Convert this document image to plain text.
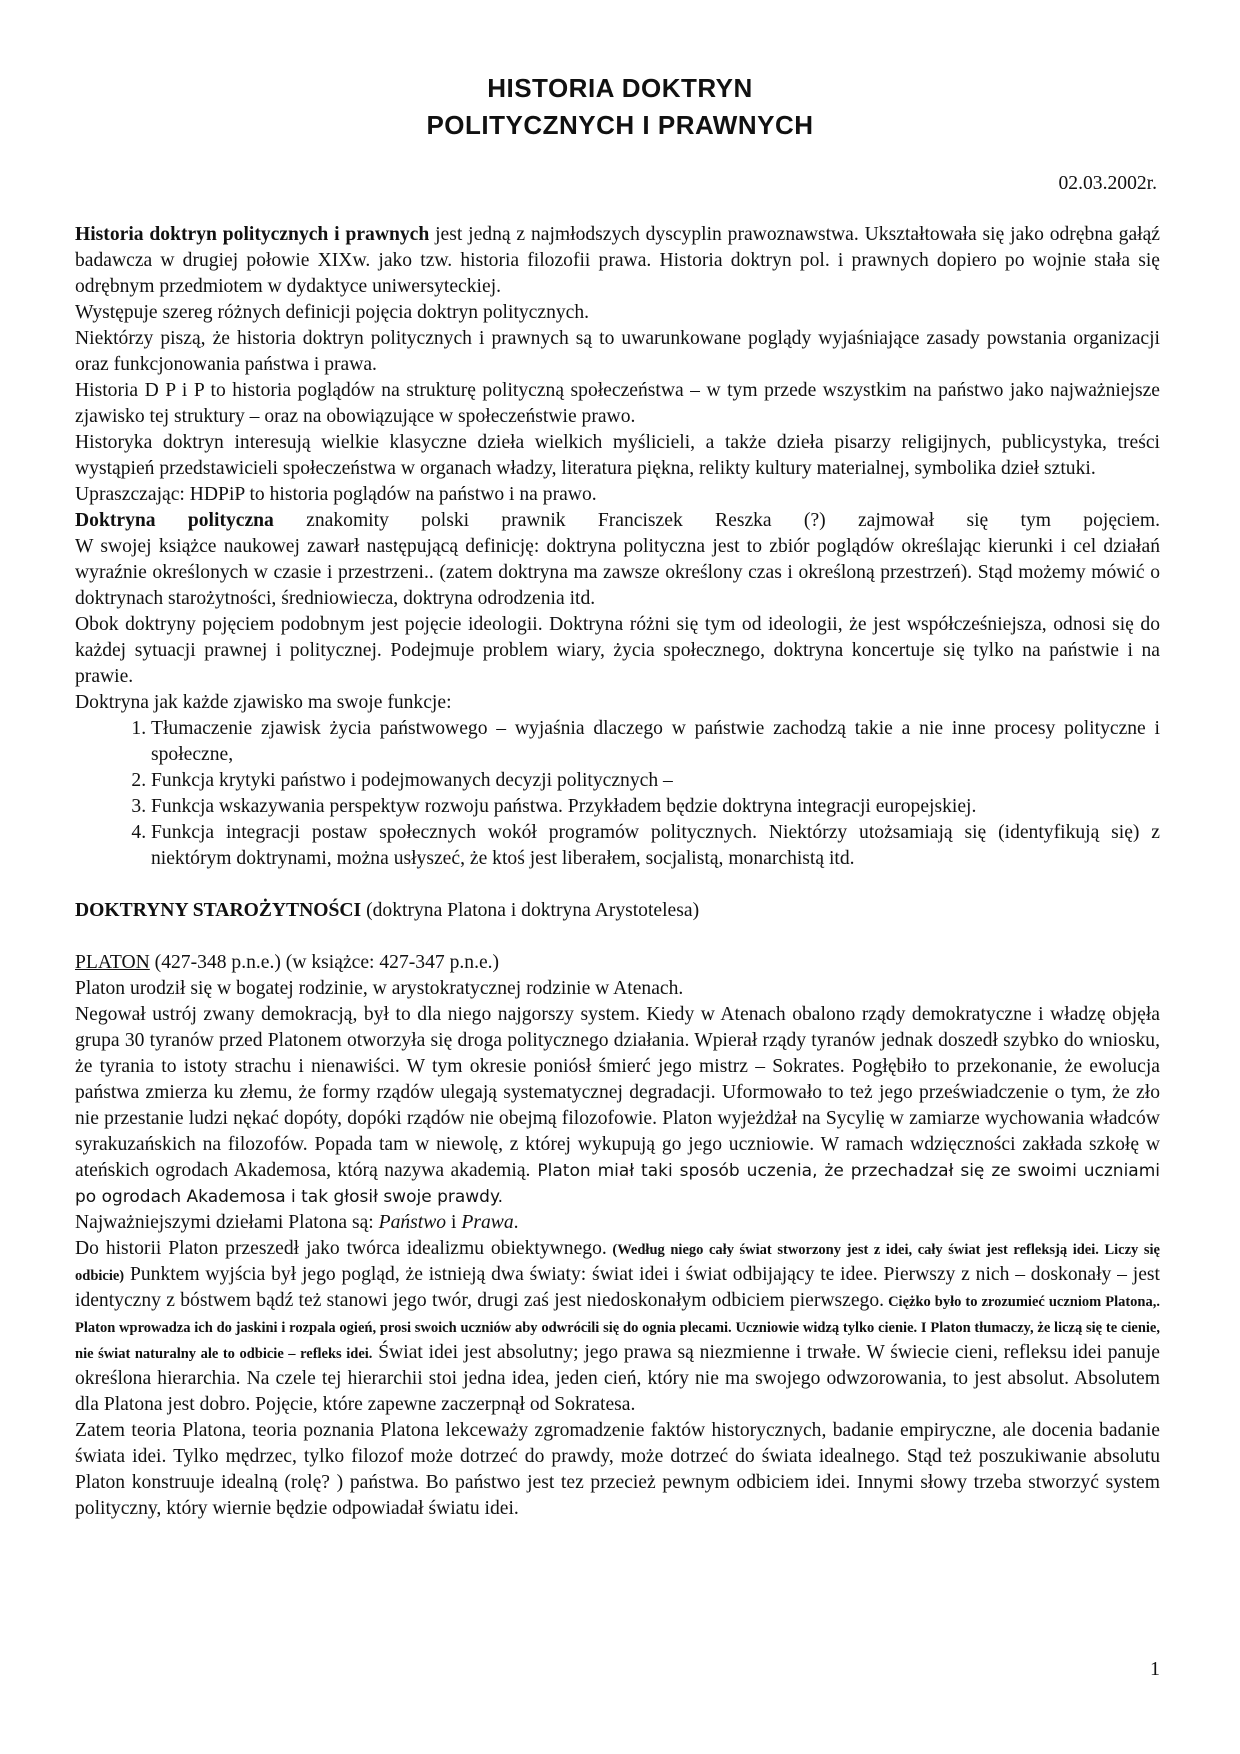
HISTORIA DOKTRYN
POLITYCZNYCH I PRAWNYCH
02.03.2002r.

Historia doktryn politycznych i prawnych jest jedną z najmłodszych dyscyplin prawoznawstwa. Ukształtowała się jako odrębna gałąź badawcza w drugiej połowie XIXw. jako tzw. historia filozofii prawa. Historia doktryn pol. i prawnych dopiero po wojnie stała się odrębnym przedmiotem w dydaktyce uniwersyteckiej.

Występuje szereg różnych definicji pojęcia doktryn politycznych.

Niektórzy piszą, że historia doktryn politycznych i prawnych są to uwarunkowane poglądy wyjaśniające zasady powstania organizacji oraz funkcjonowania państwa i prawa.

Historia D P i P to historia poglądów na strukturę polityczną społeczeństwa – w tym przede wszystkim na państwo jako najważniejsze zjawisko tej struktury – oraz na obowiązujące w społeczeństwie prawo.

Historyka doktryn interesują wielkie klasyczne dzieła wielkich myślicieli, a także dzieła pisarzy religijnych, publicystyka, treści wystąpień przedstawicieli społeczeństwa w organach władzy, literatura piękna, relikty kultury materialnej, symbolika dzieł sztuki.

Upraszczając: HDPiP to historia poglądów na państwo i na prawo.

Doktryna polityczna znakomity polski prawnik Franciszek Reszka (?) zajmował się tym pojęciem.

W swojej książce naukowej zawarł następującą definicję: doktryna polityczna jest to zbiór poglądów określając kierunki i cel działań wyraźnie określonych w czasie i przestrzeni.. (zatem doktryna ma zawsze określony czas i określoną przestrzeń). Stąd możemy mówić o doktrynach starożytności, średniowiecza, doktryna odrodzenia itd.

Obok doktryny pojęciem podobnym jest pojęcie ideologii. Doktryna różni się tym od ideologii, że jest współcześniejsza, odnosi się do każdej sytuacji prawnej i politycznej. Podejmuje problem wiary, życia społecznego, doktryna koncertuje się tylko na państwie i na prawie.

Doktryna jak każde zjawisko ma swoje funkcje:

1. Tłumaczenie zjawisk życia państwowego – wyjaśnia dlaczego w państwie zachodzą takie a nie inne procesy polityczne i społeczne,
2. Funkcja krytyki państwo i podejmowanych decyzji politycznych –
3. Funkcja wskazywania perspektyw rozwoju państwa. Przykładem będzie doktryna integracji europejskiej.
4. Funkcja integracji postaw społecznych wokół programów politycznych. Niektórzy utożsamiają się (identyfikują się) z niektórym doktrynami, można usłyszeć, że ktoś jest liberałem, socjalistą, monarchistą itd.

DOKTRYNY STAROŻYTNOŚCI (doktryna Platona i doktryna Arystotelesa)

PLATON (427-348 p.n.e.) (w książce: 427-347 p.n.e.)

Platon urodził się w bogatej rodzinie, w arystokratycznej rodzinie w Atenach.

Negował ustrój zwany demokracją, był to dla niego najgorszy system. Kiedy w Atenach obalono rządy demokratyczne i władzę objęła grupa 30 tyranów przed Platonem otworzyła się droga politycznego działania. Wpierał rządy tyranów jednak doszedł szybko do wniosku, że tyrania to istoty strachu i nienawiści. W tym okresie poniósł śmierć jego mistrz – Sokrates. Pogłębiło to przekonanie, że ewolucja państwa zmierza ku złemu, że formy rządów ulegają systematycznej degradacji. Uformowało to też jego przeświadczenie o tym, że zło nie przestanie ludzi nękać dopóty, dopóki rządów nie obejmą filozofowie. Platon wyjeżdżał na Sycylię w zamiarze wychowania władców syrakuzańskich na filozofów. Popada tam w niewolę, z której wykupują go jego uczniowie. W ramach wdzięczności zakłada szkołę w ateńskich ogrodach Akademosa, którą nazywa akademią. Platon miał taki sposób uczenia, że przechadzał się ze swoimi uczniami po ogrodach Akademosa i tak głosił swoje prawdy.

Najważniejszymi dziełami Platona są: Państwo i Prawa.

Do historii Platon przeszedł jako twórca idealizmu obiektywnego. (Według niego cały świat stworzony jest z idei, cały świat jest refleksją idei. Liczy się odbicie) Punktem wyjścia był jego pogląd, że istnieją dwa światy: świat idei i świat odbijający te idee. Pierwszy z nich – doskonały – jest identyczny z bóstwem bądź też stanowi jego twór, drugi zaś jest niedoskonałym odbiciem pierwszego. Ciężko było to zrozumieć uczniom Platona,. Platon wprowadza ich do jaskini i rozpala ogień, prosi swoich uczniów aby odwrócili się do ognia plecami. Uczniowie widzą tylko cienie. I Platon tłumaczy, że liczą się te cienie, nie świat naturalny ale to odbicie – refleks idei. Świat idei jest absolutny; jego prawa są niezmienne i trwałe. W świecie cieni, refleksu idei panuje określona hierarchia. Na czele tej hierarchii stoi jedna idea, jeden cień, który nie ma swojego odwzorowania, to jest absolut. Absolutem dla Platona jest dobro. Pojęcie, które zapewne zaczerpnął od Sokratesa.

Zatem teoria Platona, teoria poznania Platona lekceważy zgromadzenie faktów historycznych, badanie empiryczne, ale docenia badanie świata idei. Tylko mędrzec, tylko filozof może dotrzeć do prawdy, może dotrzeć do świata idealnego. Stąd też poszukiwanie absolutu Platon konstruuje idealną (rolę? ) państwa. Bo państwo jest tez przecież pewnym odbiciem idei. Innymi słowy trzeba stworzyć system polityczny, który wiernie będzie odpowiadał światu idei.

1
